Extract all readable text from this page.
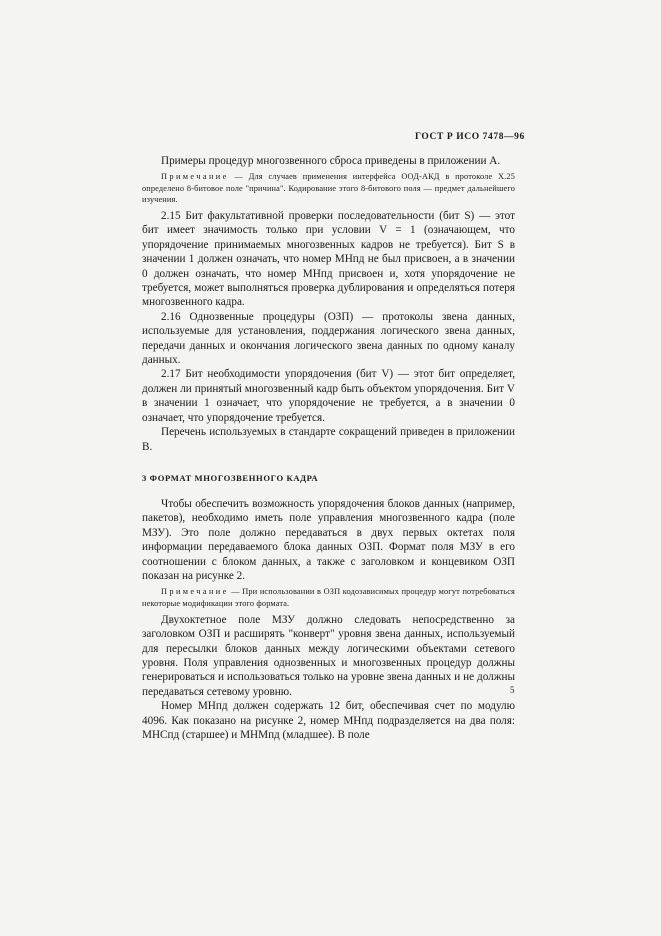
ГОСТ Р ИСО 7478—96

Примеры процедур многозвенного сброса приведены в приложении А.

Примечание — Для случаев применения интерфейса ООД-АКД в протоколе X.25 определено 8-битовое поле "причина". Кодирование этого 8-битового поля — предмет дальнейшего изучения.

2.15 Бит факультативной проверки последовательности (бит S) — этот бит имеет значимость только при условии V = 1 (означающем, что упорядочение принимаемых многозвенных кадров не требуется). Бит S в значении 1 должен означать, что номер МНпд не был присвоен, а в значении 0 должен означать, что номер МНпд присвоен и, хотя упорядочение не требуется, может выполняться проверка дублирования и определяться потеря многозвенного кадра.

2.16 Однозвенные процедуры (ОЗП) — протоколы звена данных, используемые для установления, поддержания логического звена данных, передачи данных и окончания логического звена данных по одному каналу данных.

2.17 Бит необходимости упорядочения (бит V) — этот бит определяет, должен ли принятый многозвенный кадр быть объектом упорядочения. Бит V в значении 1 означает, что упорядочение не требуется, а в значении 0 означает, что упорядочение требуется.

Перечень используемых в стандарте сокращений приведен в приложении В.

3 ФОРМАТ МНОГОЗВЕННОГО КАДРА

Чтобы обеспечить возможность упорядочения блоков данных (например, пакетов), необходимо иметь поле управления многозвенного кадра (поле МЗУ). Это поле должно передаваться в двух первых октетах поля информации передаваемого блока данных ОЗП. Формат поля МЗУ в его соотношении с блоком данных, а также с заголовком и концевиком ОЗП показан на рисунке 2.

Примечание — При использовании в ОЗП кодозависимых процедур могут потребоваться некоторые модификации этого формата.

Двухоктетное поле МЗУ должно следовать непосредственно за заголовком ОЗП и расширять "конверт" уровня звена данных, используемый для пересылки блоков данных между логическими объектами сетевого уровня. Поля управления однозвенных и многозвенных процедур должны генерироваться и использоваться только на уровне звена данных и не должны передаваться сетевому уровню.

Номер МНпд должен содержать 12 бит, обеспечивая счет по модулю 4096. Как показано на рисунке 2, номер МНпд подразделяется на два поля: МНСпд (старшее) и МНМпд (младшее). В поле

5
